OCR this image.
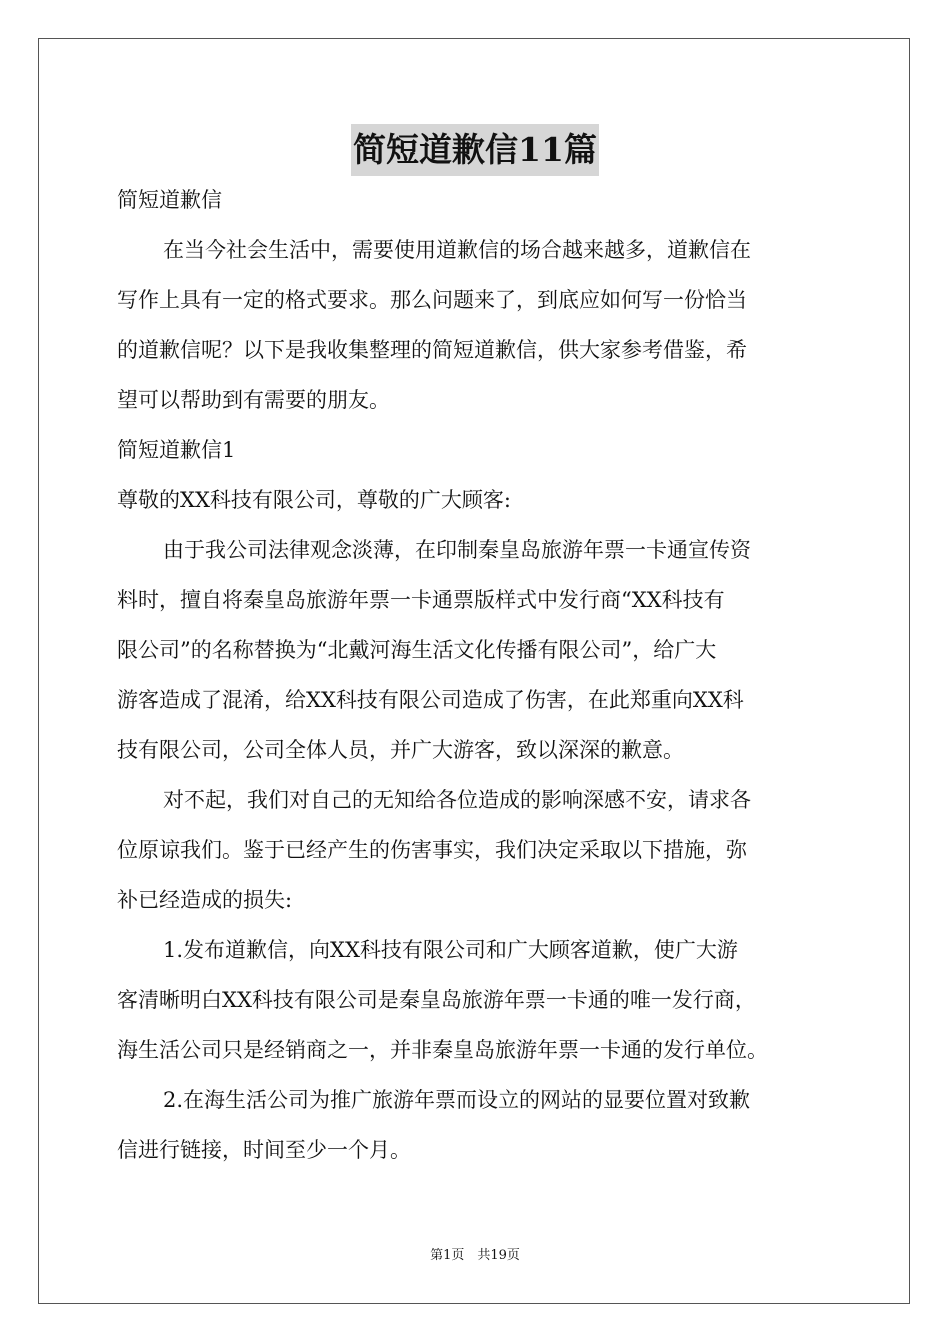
简短道歉信11篇
简短道歉信
在当今社会生活中，需要使用道歉信的场合越来越多，道歉信在
写作上具有一定的格式要求。那么问题来了，到底应如何写一份恰当
的道歉信呢？以下是我收集整理的简短道歉信，供大家参考借鉴，希
望可以帮助到有需要的朋友。
简短道歉信1
尊敬的XX科技有限公司，尊敬的广大顾客:
由于我公司法律观念淡薄，在印制秦皇岛旅游年票一卡通宣传资
料时，擅自将秦皇岛旅游年票一卡通票版样式中发行商“XX科技有
限公司”的名称替换为“北戴河海生活文化传播有限公司”，给广大
游客造成了混淆，给XX科技有限公司造成了伤害，在此郑重向XX科
技有限公司，公司全体人员，并广大游客，致以深深的歉意。
对不起，我们对自己的无知给各位造成的影响深感不安，请求各
位原谅我们。鉴于已经产生的伤害事实，我们决定采取以下措施，弥
补已经造成的损失:
1.发布道歉信，向XX科技有限公司和广大顾客道歉，使广大游
客清晰明白XX科技有限公司是秦皇岛旅游年票一卡通的唯一发行商，
海生活公司只是经销商之一，并非秦皇岛旅游年票一卡通的发行单位。
2.在海生活公司为推广旅游年票而设立的网站的显要位置对致歉
信进行链接，时间至少一个月。
第1页　共19页
